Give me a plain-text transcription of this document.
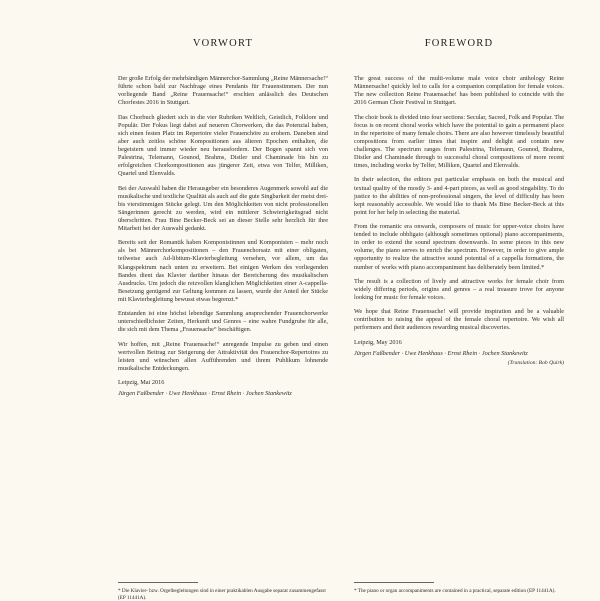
VORWORT

Der große Erfolg der mehrbändigen Männerchor-Sammlung „Reine Männersache!“ führte schon bald zur Nachfrage eines Pendants für Frauenstimmen. Der nun vorliegende Band „Reine Frauensache!“ erschien anlässlich des Deutschen Chorfestes 2016 in Stuttgart.

Das Chorbuch gliedert sich in die vier Rubriken Weltlich, Geistlich, Folklore und Populär. Der Fokus liegt dabei auf neueren Chorwerken, die das Potenzial haben, sich einen festen Platz im Repertoire vieler Frauenchöre zu erobern. Daneben sind aber auch zeitlos schöne Kompositionen aus älteren Epochen enthalten, die begeistern und immer wieder neu herausfordern. Der Bogen spannt sich von Palestrina, Telemann, Gounod, Brahms, Distler und Chaminade bis hin zu erfolgreichen Chorkompositionen aus jüngerer Zeit, etwa von Telfer, Milliken, Quartel und Elenvalds.

Bei der Auswahl haben die Herausgeber ein besonderes Augenmerk sowohl auf die musikalische und textliche Qualität als auch auf die gute Singbarkeit der meist drei- bis vierstimmigen Stücke gelegt. Um den Möglichkeiten von nicht professionellen Sängerinnen gerecht zu werden, wird ein mittlerer Schwierigkeitsgrad nicht überschritten. Frau Bine Becker-Beck sei an dieser Stelle sehr herzlich für ihre Mitarbeit bei der Auswahl gedankt.

Bereits seit der Romantik haben Komponistinnen und Komponisten – mehr noch als bei Männerchorkompositionen – den Frauenchorsatz mit einer obligaten, teilweise auch Ad-libitum-Klavierbegleitung versehen, vor allem, um das Klangspektrum nach unten zu erweitern. Bei einigen Werken des vorliegenden Bandes dient das Klavier darüber hinaus der Bereicherung des musikalischen Ausdrucks. Um jedoch die reizvollen klanglichen Möglichkeiten einer A-cappella-Besetzung genügend zur Geltung kommen zu lassen, wurde der Anteil der Stücke mit Klavierbegleitung bewusst etwas begrenzt.*

Entstanden ist eine höchst lebendige Sammlung ansprechender Frauenchorwerke unterschiedlichster Zeiten, Herkunft und Genres – eine wahre Fundgrube für alle, die sich mit dem Thema „Frauensache“ beschäftigen.

Wir hoffen, mit „Reine Frauensache!“ anregende Impulse zu geben und einen wertvollen Beitrag zur Steigerung der Attraktivität des Frauenchor-Repertoires zu leisten und wünschen allen Aufführenden und ihrem Publikum lohnende musikalische Entdeckungen.

Leipzig, Mai 2016

Jürgen Faßbender · Uwe Henkhaus · Ernst Rhein · Jochen Stankewitz

* Die Klavier- bzw. Orgelbegleitungen sind in einer praktikablen Ausgabe separat zusammengefasst (EP 11441A).

FOREWORD

The great success of the multi-volume male voice choir anthology Reine Männersache! quickly led to calls for a companion compilation for female voices. The new collection Reine Frauensache! has been published to coincide with the 2016 German Choir Festival in Stuttgart.

The choir book is divided into four sections: Secular, Sacred, Folk and Popular. The focus is on recent choral works which have the potential to gain a permanent place in the repertoire of many female choirs. There are also however timelessly beautiful compositions from earlier times that inspire and delight and contain new challenges. The spectrum ranges from Palestrina, Telemann, Gounod, Brahms, Distler and Chaminade through to successful choral compositions of more recent times, including works by Telfer, Milliken, Quartel and Elenvalds.

In their selection, the editors put particular emphasis on both the musical and textual quality of the mostly 3- and 4-part pieces, as well as good singability. To do justice to the abilities of non-professional singers, the level of difficulty has been kept reasonably accessible. We would like to thank Ms Bine Becker-Beck at this point for her help in selecting the material.

From the romantic era onwards, composers of music for upper-voice choirs have tended to include obbligato (although sometimes optional) piano accompaniments, in order to extend the sound spectrum downwards. In some pieces in this new volume, the piano serves to enrich the spectrum. However, in order to give ample opportunity to realize the attractive sound potential of a cappella formations, the number of works with piano accompaniment has deliberately been limited.*

The result is a collection of lively and attractive works for female choir from widely differing periods, origins and genres – a real treasure trove for anyone looking for music for female voices.

We hope that Reine Frauensache! will provide inspiration and be a valuable contribution to raising the appeal of the female choral repertoire. We wish all performers and their audiences rewarding musical discoveries.

Leipzig, May 2016

Jürgen Faßbender · Uwe Henkhaus · Ernst Rhein · Jochen Stankewitz

(Translation: Bob Quirk)

* The piano or organ accompaniments are contained in a practical, separate edition (EP 11441A).
